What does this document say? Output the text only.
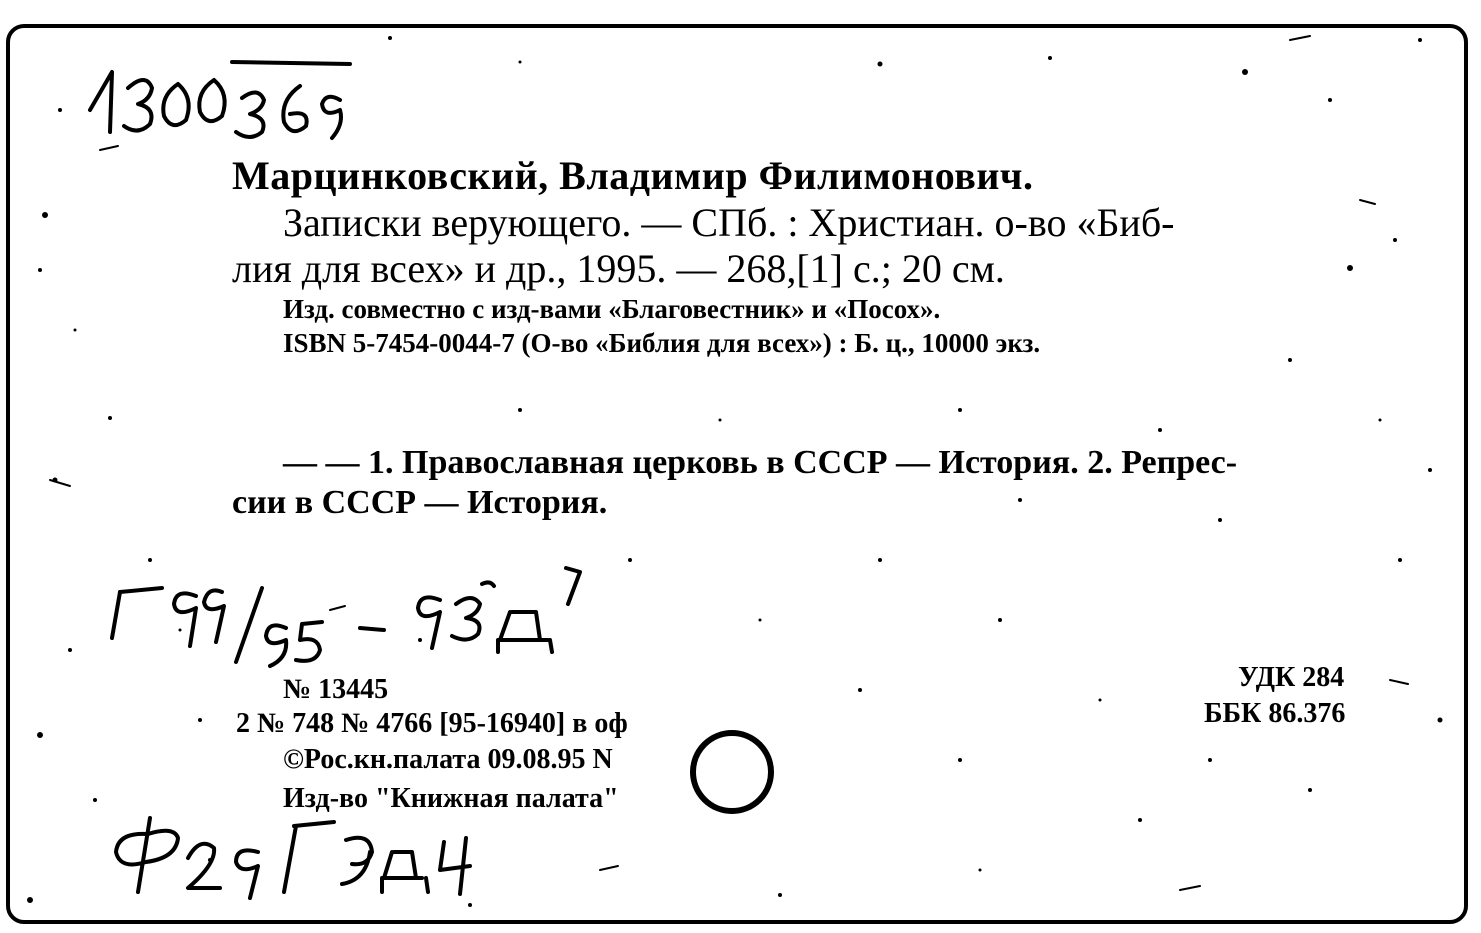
Марцинковский, Владимир Филимонович.
Записки верующего. — СПб. : Христиан. о-во «Биб-
лия для всех» и др., 1995. — 268,[1] с.; 20 см.
Изд. совместно с изд-вами «Благовестник» и «Посох».
ISBN 5-7454-0044-7 (О-во «Библия для всех») : Б. ц., 10000 экз.
— — 1. Православная церковь в СССР — История. 2. Репрес-
сии в СССР — История.
№ 13445
2 № 748 № 4766 [95-16940] в оф
©Рос.кн.палата 09.08.95 N
Изд-во "Книжная палата"
УДК 284
ББК 86.376
